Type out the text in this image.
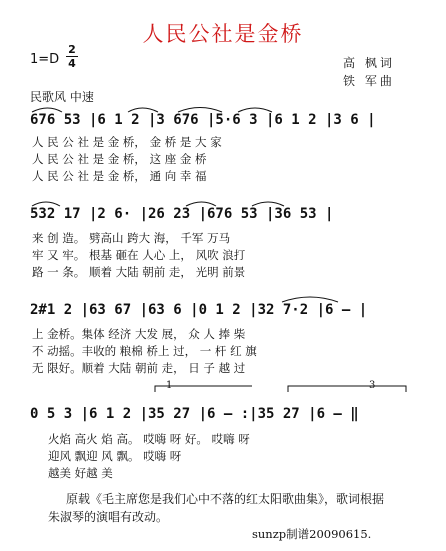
人民公社是金桥
1=D
2
4	高 枫词
铁 军曲
民歌风 中速
676 53 |6 1 2 |3 676 |5·6 3 |6 1 2 |3 6 |
人 民 公 社 是 金 桥， 金 桥 是 大 家
人 民 公 社 是 金 桥， 这 座 金 桥
人 民 公 社 是 金 桥， 通 向 幸 福
532 17 |2 6· |26 23 |676 53 |36 53 |
来 创 造。 劈高山 跨大 海， 千军 万马
牢 又 牢。 根基 砸在 人心 上， 风吹 浪打
路 一 条。 顺着 大陆 朝前 走， 光明 前景
2#1 2 |63 67 |63 6 |0 1 2 |32 7·2 |6 – |
上 金桥。集体 经济 大发 展， 众 人 捧 柴
不 动摇。丰收的 粮棉 桥上 过， 一 杆 红 旗
无 限好。顺着 大陆 朝前 走， 日 子 越 过
1	3
0 5 3 |6 1 2 |35 27 |6 – :|35 27 |6 – ‖
火焰 高火 焰 高。 哎嗨 呀 好。 哎嗨 呀
迎风 飘迎 风 飘。 哎嗨 呀
越美 好越 美
原载《毛主席您是我们心中不落的红太阳歌曲集》，歌词根据
朱淑琴的演唱有改动。
sunzp制谱20090615.
